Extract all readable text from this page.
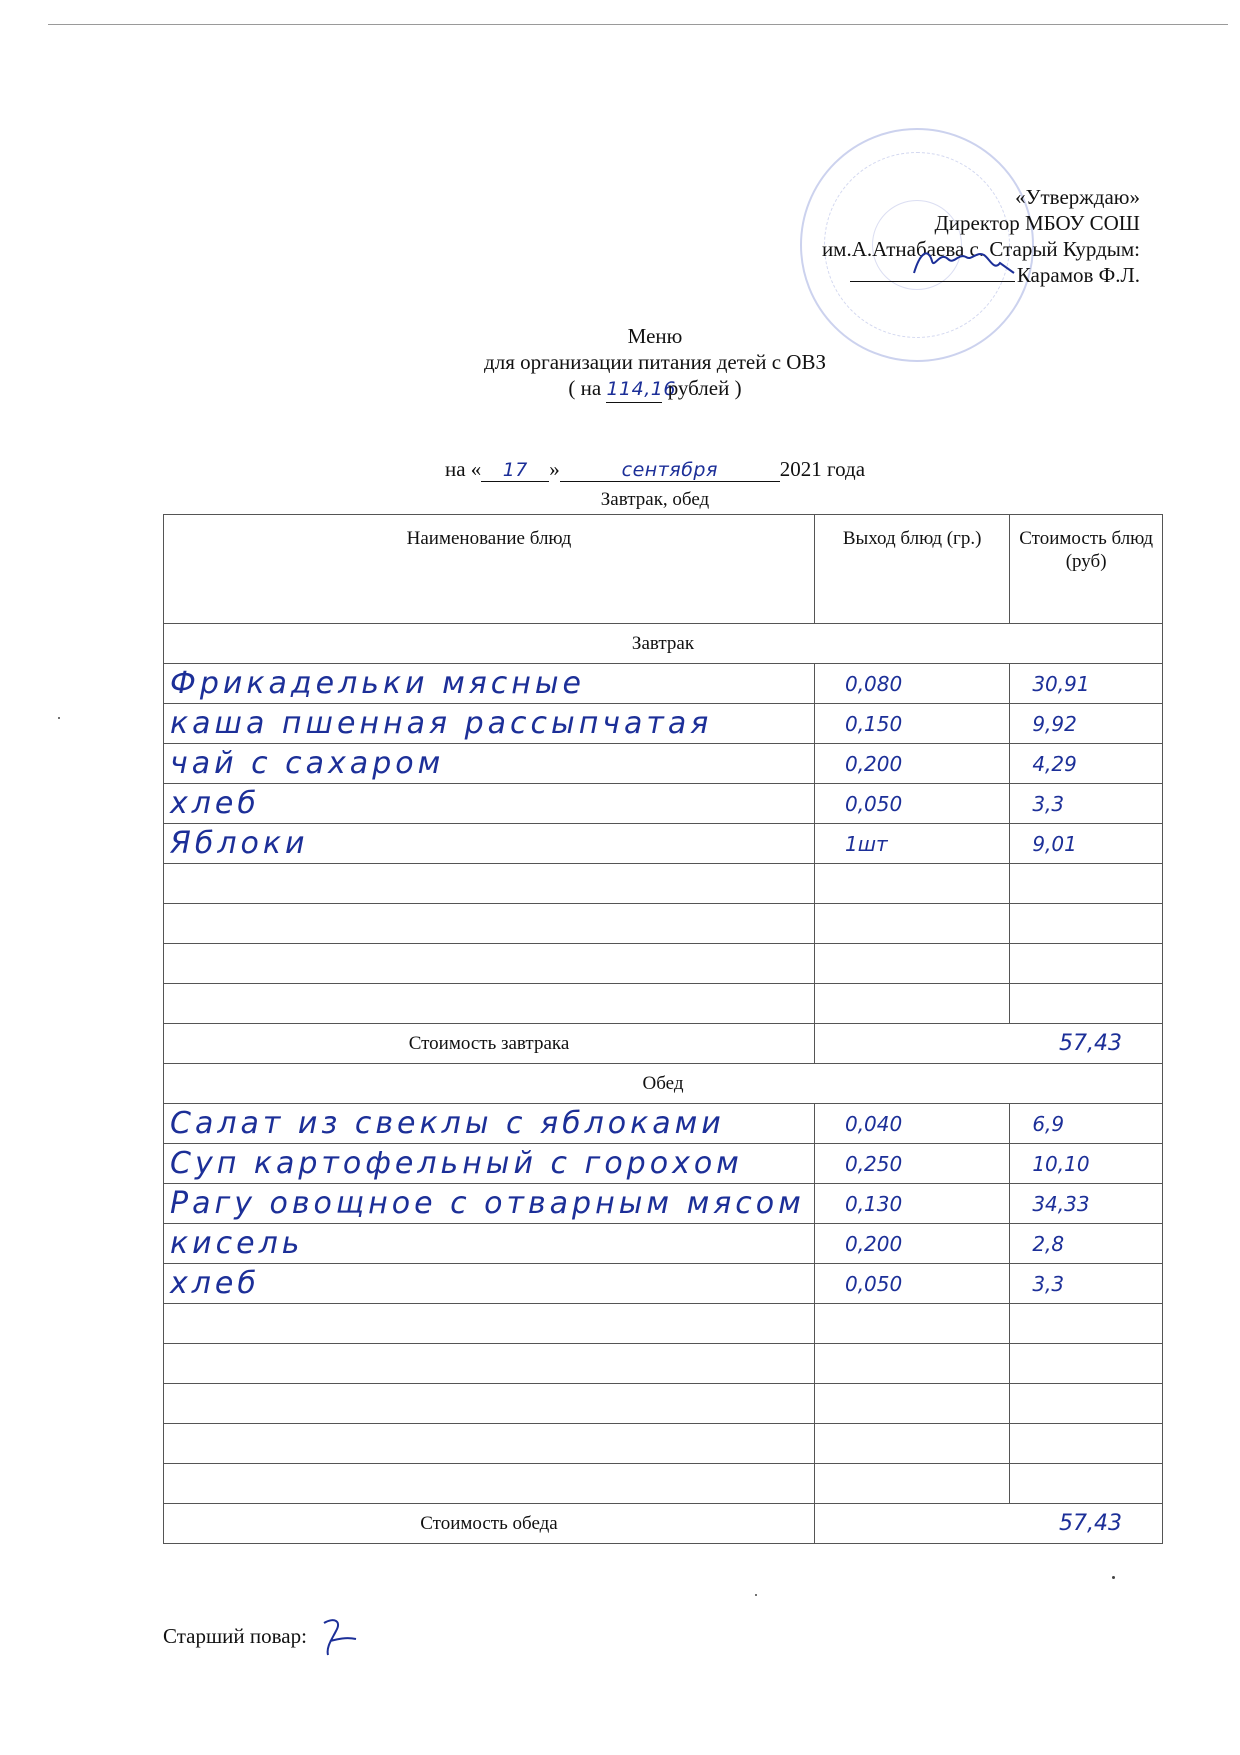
«Утверждаю»
Директор МБОУ СОШ
им.А.Атнабаева с. Старый Курдым:
Карамов Ф.Л.
Меню
для организации питания детей с ОВЗ
( на 114,16 рублей )
на « 17 »	сентября	2021 года
Завтрак, обед
Наименование блюд	Выход блюд (гр.)	Стоимость блюд (руб)
Завтрак		
Фрикадельки мясные	0,080	30,91
каша пшенная рассыпчатая	0,150	9,92
чай с сахаром	0,200	4,29
хлеб	0,050	3,3
Яблоки	1шт	9,01

Стоимость завтрака	57,43	
Обед		
Салат из свеклы с яблоками	0,040	6,9
Суп картофельный с горохом	0,250	10,10
Рагу овощное с отварным мясом	0,130	34,33
кисель	0,200	2,8
хлеб	0,050	3,3

Стоимость обеда	57,43	
Старший повар:
